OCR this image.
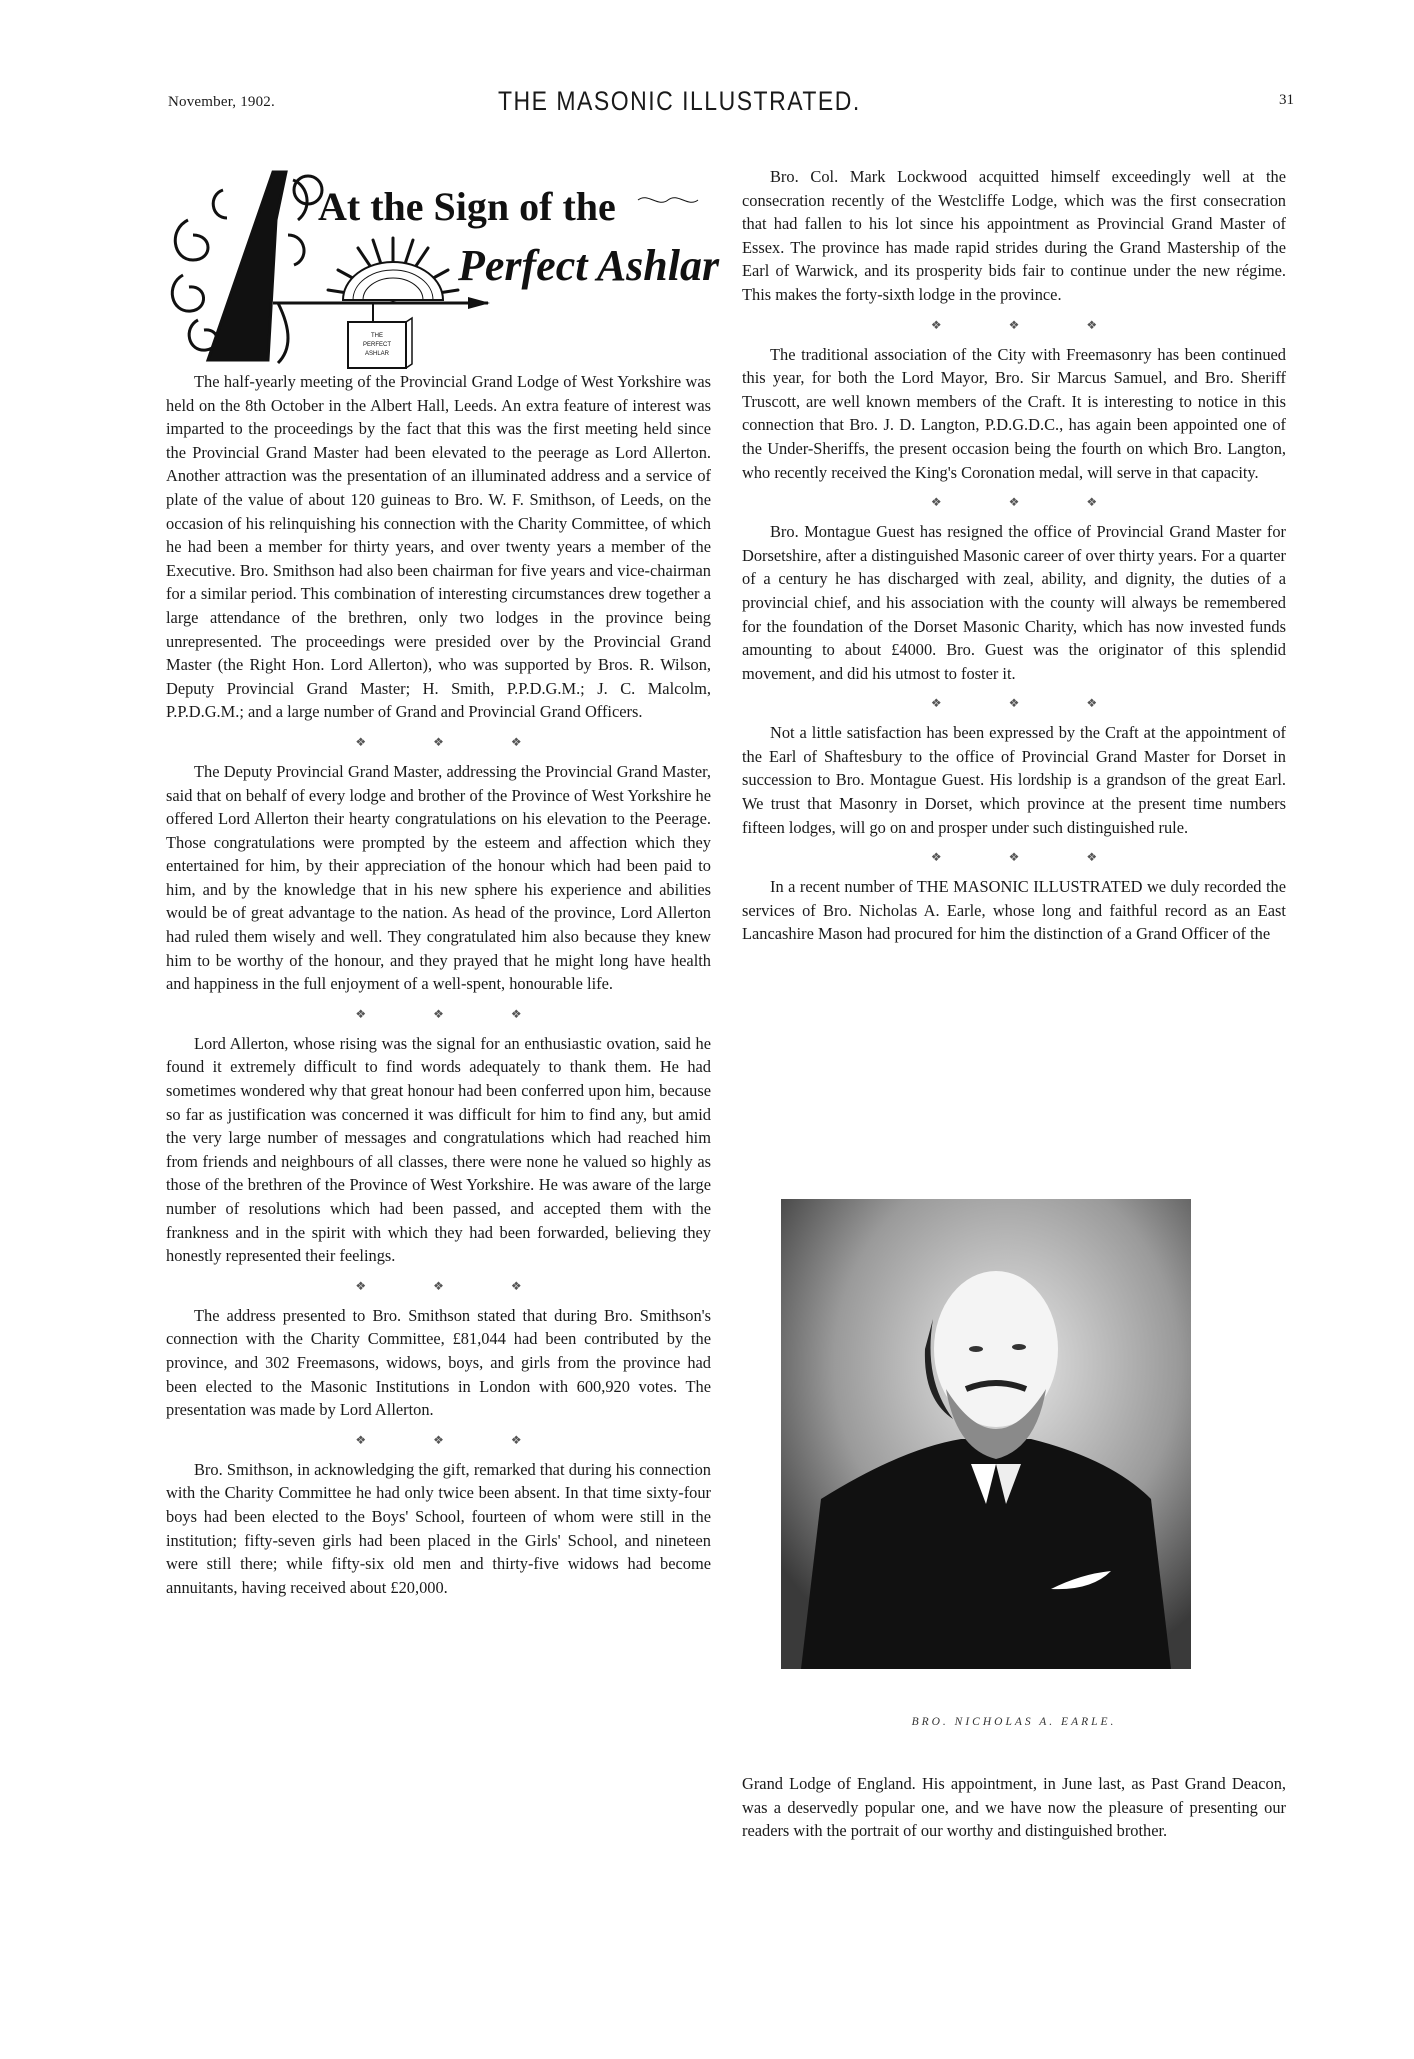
November, 1902.	THE MASONIC ILLUSTRATED.	31
THE
PERFECT
ASHLAR
At the Sign of the
Perfect Ashlar

The half-yearly meeting of the Provincial Grand Lodge of West Yorkshire was held on the 8th October in the Albert Hall, Leeds. An extra feature of interest was imparted to the proceedings by the fact that this was the first meeting held since the Provincial Grand Master had been elevated to the peerage as Lord Allerton. Another attraction was the presentation of an illuminated address and a service of plate of the value of about 120 guineas to Bro. W. F. Smithson, of Leeds, on the occasion of his relinquishing his connection with the Charity Committee, of which he had been a member for thirty years, and over twenty years a member of the Executive. Bro. Smithson had also been chairman for five years and vice-chairman for a similar period. This combination of interesting circumstances drew together a large attendance of the brethren, only two lodges in the province being unrepresented. The proceedings were presided over by the Provincial Grand Master (the Right Hon. Lord Allerton), who was supported by Bros. R. Wilson, Deputy Provincial Grand Master; H. Smith, P.P.D.G.M.; J. C. Malcolm, P.P.D.G.M.; and a large number of Grand and Provincial Grand Officers.

❖ ❖ ❖

The Deputy Provincial Grand Master, addressing the Provincial Grand Master, said that on behalf of every lodge and brother of the Province of West Yorkshire he offered Lord Allerton their hearty congratulations on his elevation to the Peerage. Those congratulations were prompted by the esteem and affection which they entertained for him, by their appreciation of the honour which had been paid to him, and by the knowledge that in his new sphere his experience and abilities would be of great advantage to the nation. As head of the province, Lord Allerton had ruled them wisely and well. They congratulated him also because they knew him to be worthy of the honour, and they prayed that he might long have health and happiness in the full enjoyment of a well-spent, honourable life.

❖ ❖ ❖

Lord Allerton, whose rising was the signal for an enthusiastic ovation, said he found it extremely difficult to find words adequately to thank them. He had sometimes wondered why that great honour had been conferred upon him, because so far as justification was concerned it was difficult for him to find any, but amid the very large number of messages and congratulations which had reached him from friends and neighbours of all classes, there were none he valued so highly as those of the brethren of the Province of West Yorkshire. He was aware of the large number of resolutions which had been passed, and accepted them with the frankness and in the spirit with which they had been forwarded, believing they honestly represented their feelings.

❖ ❖ ❖

The address presented to Bro. Smithson stated that during Bro. Smithson's connection with the Charity Committee, £81,044 had been contributed by the province, and 302 Freemasons, widows, boys, and girls from the province had been elected to the Masonic Institutions in London with 600,920 votes. The presentation was made by Lord Allerton.

❖ ❖ ❖

Bro. Smithson, in acknowledging the gift, remarked that during his connection with the Charity Committee he had only twice been absent. In that time sixty-four boys had been elected to the Boys' School, fourteen of whom were still in the institution; fifty-seven girls had been placed in the Girls' School, and nineteen were still there; while fifty-six old men and thirty-five widows had become annuitants, having received about £20,000.

Bro. Col. Mark Lockwood acquitted himself exceedingly well at the consecration recently of the Westcliffe Lodge, which was the first consecration that had fallen to his lot since his appointment as Provincial Grand Master of Essex. The province has made rapid strides during the Grand Mastership of the Earl of Warwick, and its prosperity bids fair to continue under the new régime. This makes the forty-sixth lodge in the province.

❖ ❖ ❖

The traditional association of the City with Freemasonry has been continued this year, for both the Lord Mayor, Bro. Sir Marcus Samuel, and Bro. Sheriff Truscott, are well known members of the Craft. It is interesting to notice in this connection that Bro. J. D. Langton, P.D.G.D.C., has again been appointed one of the Under-Sheriffs, the present occasion being the fourth on which Bro. Langton, who recently received the King's Coronation medal, will serve in that capacity.

❖ ❖ ❖

Bro. Montague Guest has resigned the office of Provincial Grand Master for Dorsetshire, after a distinguished Masonic career of over thirty years. For a quarter of a century he has discharged with zeal, ability, and dignity, the duties of a provincial chief, and his association with the county will always be remembered for the foundation of the Dorset Masonic Charity, which has now invested funds amounting to about £4000. Bro. Guest was the originator of this splendid movement, and did his utmost to foster it.

❖ ❖ ❖

Not a little satisfaction has been expressed by the Craft at the appointment of the Earl of Shaftesbury to the office of Provincial Grand Master for Dorset in succession to Bro. Montague Guest. His lordship is a grandson of the great Earl. We trust that Masonry in Dorset, which province at the present time numbers fifteen lodges, will go on and prosper under such distinguished rule.

❖ ❖ ❖

In a recent number of THE MASONIC ILLUSTRATED we duly recorded the services of Bro. Nicholas A. Earle, whose long and faithful record as an East Lancashire Mason had procured for him the distinction of a Grand Officer of the

BRO. NICHOLAS A. EARLE.

Grand Lodge of England. His appointment, in June last, as Past Grand Deacon, was a deservedly popular one, and we have now the pleasure of presenting our readers with the portrait of our worthy and distinguished brother.
